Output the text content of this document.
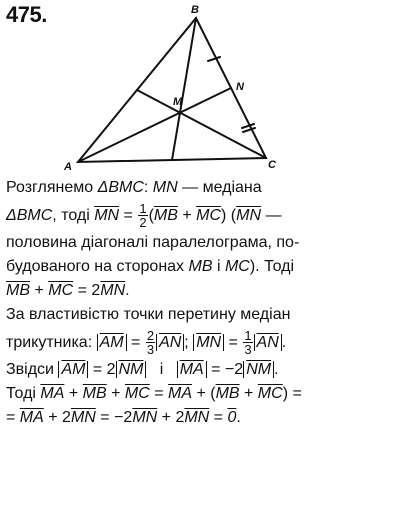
475.	B
A	C
N
M
Розглянемо ΔBMC: MN — медіана
ΔBMC, тоді $\overline{MN} = \frac{1}{2} (\overline{MB} + \overline{MC})$ ($\overline{MN}$ —
половина діагоналі паралелограма, по-
будованого на сторонах MB і MC). Тоді
$\overline{MB} + \overline{MC} = 2\overline{MN}$.
За властивістю точки перетину медіан
трикутника: $\overline{AM} = \frac{2}{3} \overline{AN}$ ; $\overline{MN} = \frac{1}{3} \overline{AN}$ .
Звідси $\overline{AM} = 2$ $\overline{NM}$   і   $\overline{MA} = -2$ $\overline{NM}$ .
Тоді $\overline{MA} + \overline{MB} + \overline{MC} = \overline{MA} + (\overline{MB} + \overline{MC})$ =
= $\overline{MA} + 2\overline{MN} = -2\overline{MN} + 2\overline{MN} = 0$.
